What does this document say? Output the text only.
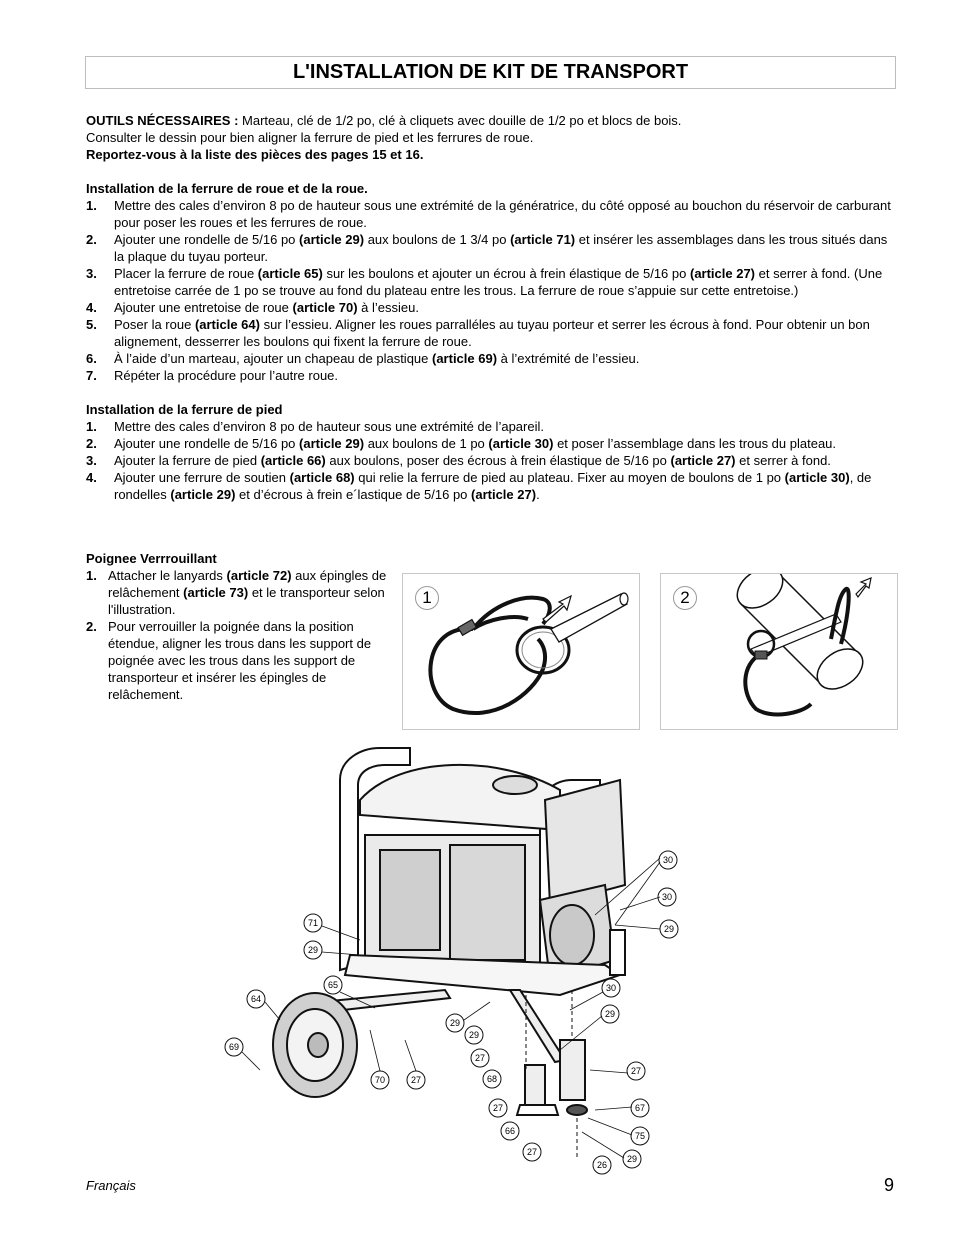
L'INSTALLATION DE KIT DE TRANSPORT

OUTILS NÉCESSAIRES : Marteau, clé de 1/2 po, clé à cliquets avec douille de 1/2 po et blocs de bois.

Consulter le dessin pour bien aligner la ferrure de pied et les ferrures de roue.

Reportez-vous à la liste des pièces des pages 15 et 16.

Installation de la ferrure de roue et de la roue.

1. Mettre des cales d’environ 8 po de hauteur sous une extrémité de la génératrice, du côté opposé au bouchon du réservoir de carburant pour poser les roues et les ferrures de roue.
2. Ajouter une rondelle de 5/16 po (article 29) aux boulons de 1 3/4 po (article 71) et insérer les assemblages dans les trous situés dans la plaque du tuyau porteur.
3. Placer la ferrure de roue (article 65) sur les boulons et ajouter un écrou à frein élastique de 5/16 po (article 27) et serrer à fond. (Une entretoise carrée de 1 po se trouve au fond du plateau entre les trous. La ferrure de roue s’appuie sur cette entretoise.)
4. Ajouter une entretoise de roue (article 70) à l’essieu.
5. Poser la roue (article 64) sur l’essieu. Aligner les roues parralléles au tuyau porteur et serrer les écrous à fond. Pour obtenir un bon alignement, desserrer les boulons qui fixent la ferrure de roue.
6. À l’aide d’un marteau, ajouter un chapeau de plastique (article 69) à l’extrémité de l’essieu.
7. Répéter la procédure pour l’autre roue.

Installation de la ferrure de pied

1. Mettre des cales d’environ 8 po de hauteur sous une extrémité de l’apareil.
2. Ajouter une rondelle de 5/16 po (article 29) aux boulons de 1 po (article 30) et poser l’assemblage dans les trous du plateau.
3. Ajouter la ferrure de pied (article 66) aux boulons, poser des écrous à frein élastique de 5/16 po (article 27) et serrer à fond.
4. Ajouter une ferrure de soutien (article 68) qui relie la ferrure de pied au plateau. Fixer au moyen de boulons de 1 po (article 30), de rondelles (article 29) et d’écrous à frein e´lastique de 5/16 po (article 27).

Poignee Verrrouillant

1. Attacher le lanyards (article 72) aux épingles de relâchement (article 73) et le transporteur selon l'illustration.
2. Pour verrouiller la poignée dans la position étendue, aligner les trous dans les support de poignée avec les trous dans les support de transporteur et insérer les épingles de relâchement.
1	2
71
29
65
64
69
70	27
29
29
27
68
27
66
27
26
29
75
67
27
29
30
29
30
30
Français	9
